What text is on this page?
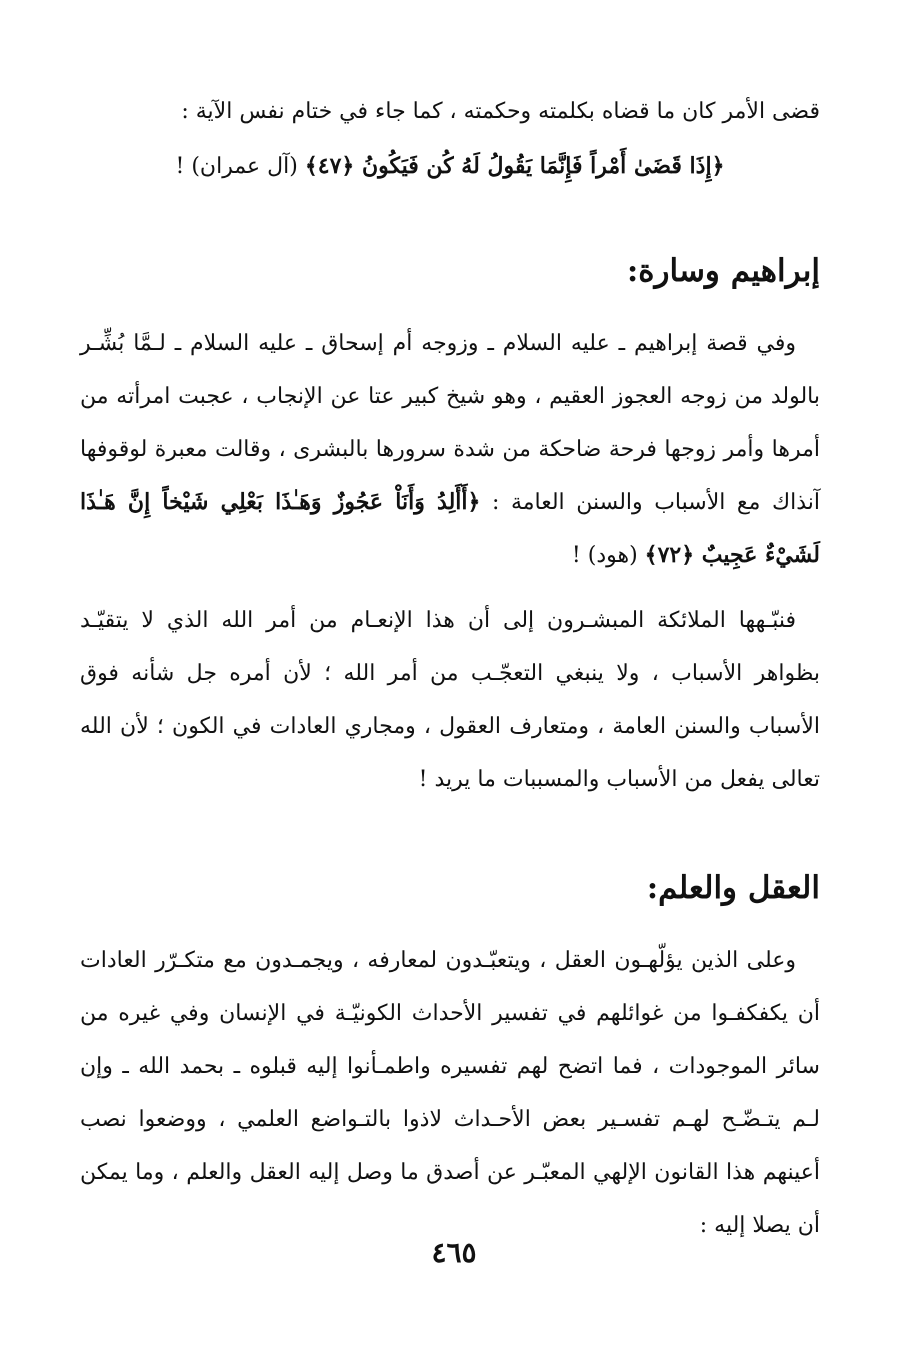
قضى الأمر كان ما قضاه بكلمته وحكمته ، كما جاء في ختام نفس الآية :

﴿إِذَا قَضَىٰ أَمْراً فَإِنَّمَا يَقُولُ لَهُ كُن فَيَكُونُ ﴿٤٧﴾ (آل عمران) !

إبراهيم وسارة:

وفي قصة إبراهيم ـ عليه السلام ـ وزوجه أم إسحاق ـ عليه السلام ـ لـمَّا بُشِّـر بالولد من زوجه العجوز العقيم ، وهو شيخ كبير عتا عن الإنجاب ، عجبت امرأته من أمرها وأمر زوجها فرحة ضاحكة من شدة سرورها بالبشرى ، وقالت معبرة لوقوفها آنذاك مع الأسباب والسنن العامة : ﴿أَأَلِدُ وَأَنَاْ عَجُوزٌ وَهَـٰذَا بَعْلِي شَيْخاً إِنَّ هَـٰذَا لَشَيْءٌ عَجِيبٌ ﴿٧٢﴾ (هود) !

فنبّـهها الملائكة المبشـرون إلى أن هذا الإنعـام من أمر الله الذي لا يتقيّـد بظواهر الأسباب ، ولا ينبغي التعجّـب من أمر الله ؛ لأن أمره جل شأنه فوق الأسباب والسنن العامة ، ومتعارف العقول ، ومجاري العادات في الكون ؛ لأن الله تعالى يفعل من الأسباب والمسببات ما يريد !

العقل والعلم:

وعلى الذين يؤلّهـون العقل ، ويتعبّـدون لمعارفه ، ويجمـدون مع متكـرّر العادات أن يكفكفـوا من غوائلهم في تفسير الأحداث الكونيّـة في الإنسان وفي غيره من سائر الموجودات ، فما اتضح لهم تفسيره واطمـأنوا إليه قبلوه ـ بحمد الله ـ وإن لـم يتـضّـح لهـم تفسـير بعض الأحـداث لاذوا بالتـواضع العلمي ، ووضعوا نصب أعينهم هذا القانون الإلهي المعبّـر عن أصدق ما وصل إليه العقل والعلم ، وما يمكن أن يصلا إليه :

٤٦٥
